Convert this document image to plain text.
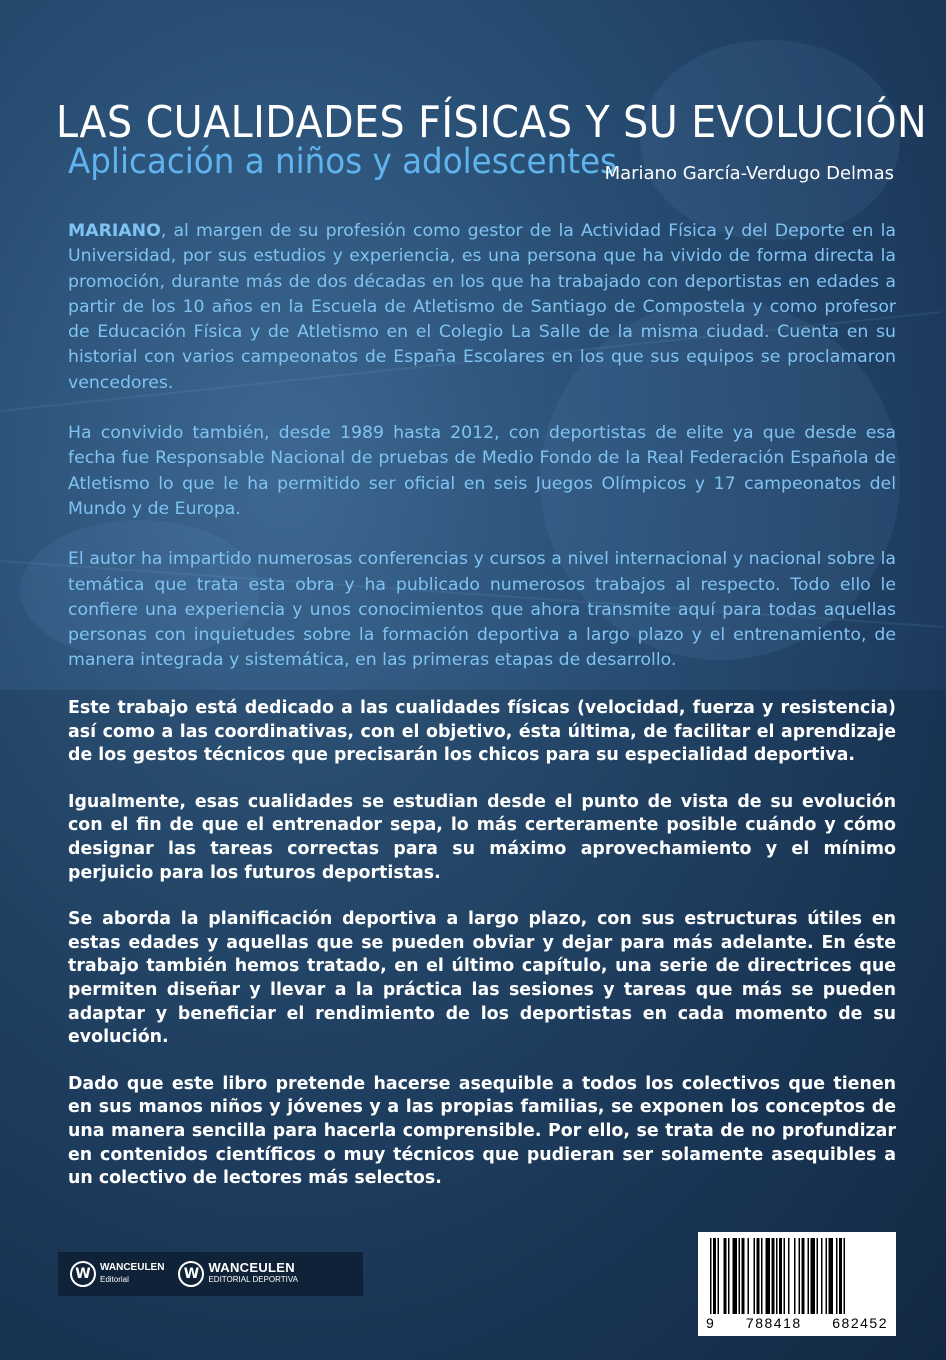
LAS CUALIDADES FÍSICAS Y SU EVOLUCIÓN
Aplicación a niños y adolescentes
Mariano García-Verdugo Delmas

MARIANO, al margen de su profesión como gestor de la Actividad Física y del Deporte en la Universidad, por sus estudios y experiencia, es una persona que ha vivido de forma directa la promoción, durante más de dos décadas en los que ha trabajado con deportistas en edades a partir de los 10 años en la Escuela de Atletismo de Santiago de Compostela y como profesor de Educación Física y de Atletismo en el Colegio La Salle de la misma ciudad. Cuenta en su historial con varios campeonatos de España Escolares en los que sus equipos se proclamaron vencedores.

Ha convivido también, desde 1989 hasta 2012, con deportistas de elite ya que desde esa fecha fue Responsable Nacional de pruebas de Medio Fondo de la Real Federación Española de Atletismo lo que le ha permitido ser oficial en seis Juegos Olímpicos y 17 campeonatos del Mundo y de Europa.

El autor ha impartido numerosas conferencias y cursos a nivel internacional y nacional sobre la temática que trata esta obra y ha publicado numerosos trabajos al respecto. Todo ello le confiere una experiencia y unos conocimientos que ahora transmite aquí para todas aquellas personas con inquietudes sobre la formación deportiva a largo plazo y el entrenamiento, de manera integrada y sistemática, en las primeras etapas de desarrollo.

Este trabajo está dedicado a las cualidades físicas (velocidad, fuerza y resistencia) así como a las coordinativas, con el objetivo, ésta última, de facilitar el aprendizaje de los gestos técnicos que precisarán los chicos para su especialidad deportiva.

Igualmente, esas cualidades se estudian desde el punto de vista de su evolución con el fin de que el entrenador sepa, lo más certeramente posible cuándo y cómo designar las tareas correctas para su máximo aprovechamiento y el mínimo perjuicio para los futuros deportistas.

Se aborda la planificación deportiva a largo plazo, con sus estructuras útiles en estas edades y aquellas que se pueden obviar y dejar para más adelante. En éste trabajo también hemos tratado, en el último capítulo, una serie de directrices que permiten diseñar y llevar a la práctica las sesiones y tareas que más se pueden adaptar y beneficiar el rendimiento de los deportistas en cada momento de su evolución.

Dado que este libro pretende hacerse asequible a todos los colectivos que tienen en sus manos niños y jóvenes y a las propias familias, se exponen los conceptos de una manera sencilla para hacerla comprensible. Por ello, se trata de no profundizar en contenidos científicos o muy técnicos que pudieran ser solamente asequibles a un colectivo de lectores más selectos.

W WANCEULEN
Editorial	W WANCEULEN
EDITORIAL DEPORTIVA
9 788418 682452
